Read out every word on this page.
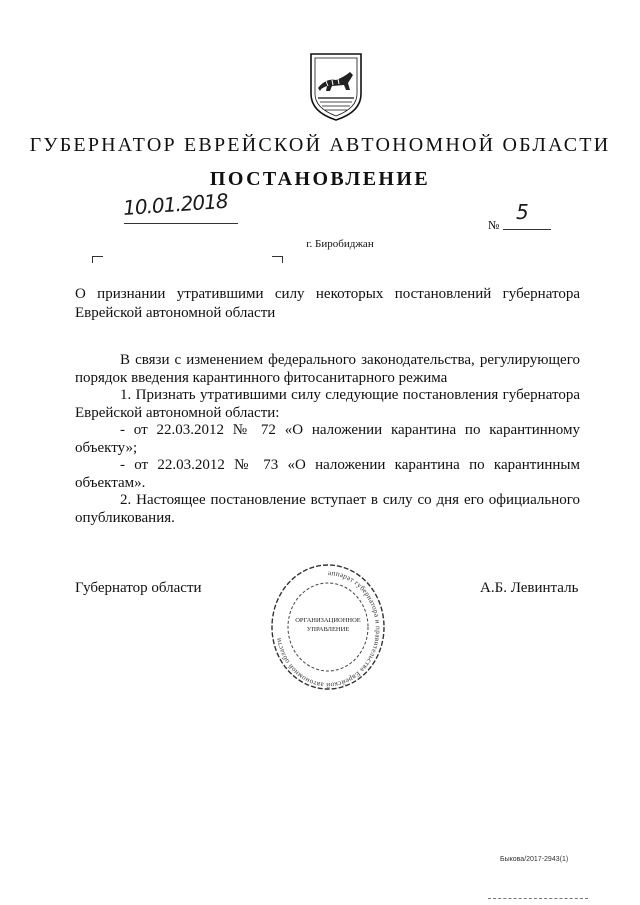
ГУБЕРНАТОР ЕВРЕЙСКОЙ АВТОНОМНОЙ ОБЛАСТИ
ПОСТАНОВЛЕНИЕ
10.01.2018
№
5
г. Биробиджан
О признании утратившими силу некоторых постановлений губернатора Еврейской автономной области

В связи с изменением федерального законодательства, регулирующего порядок введения карантинного фитосанитарного режима

1. Признать утратившими силу следующие постановления губернатора Еврейской автономной области:

- от 22.03.2012 № 72 «О наложении карантина по карантинному объекту»;

- от 22.03.2012 № 73 «О наложении карантина по карантинным объектам».

2. Настоящее постановление вступает в силу со дня его официального опубликования.

Губернатор области	А.Б. Левинталь
аппарат губернатора и правительства Еврейской автономной области
ОРГАНИЗАЦИОННОЕ
УПРАВЛЕНИЕ
Быкова/2017-2943(1)
